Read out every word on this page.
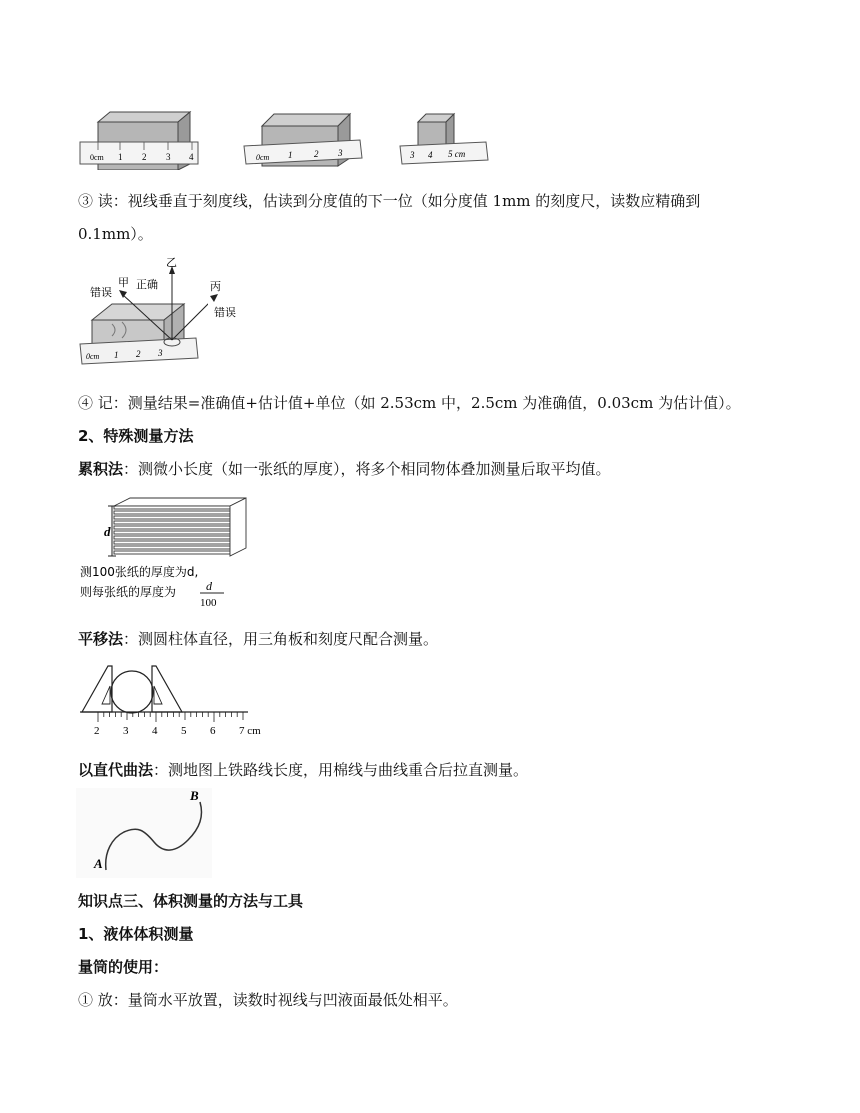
0cm 1 2 3 4	0cm 1 2 3	3 4 5 cm
③ 读：视线垂直于刻度线，估读到分度值的下一位（如分度值 1mm 的刻度尺，读数应精确到
0.1mm）。
0cm 1 2 3
错误
甲 正确
乙
丙
错误
④ 记：测量结果=准确值+估计值+单位（如 2.53cm 中，2.5cm 为准确值，0.03cm 为估计值）。
2、特殊测量方法
累积法：测微小长度（如一张纸的厚度），将多个相同物体叠加测量后取平均值。
d
测100张纸的厚度为d,
则每张纸的厚度为 d
100
平移法：测圆柱体直径，用三角板和刻度尺配合测量。
2 3 4 5 6 7 cm
以直代曲法：测地图上铁路线长度，用棉线与曲线重合后拉直测量。
A
B
知识点三、体积测量的方法与工具
1、液体体积测量
量筒的使用：
① 放：量筒水平放置，读数时视线与凹液面最低处相平。
